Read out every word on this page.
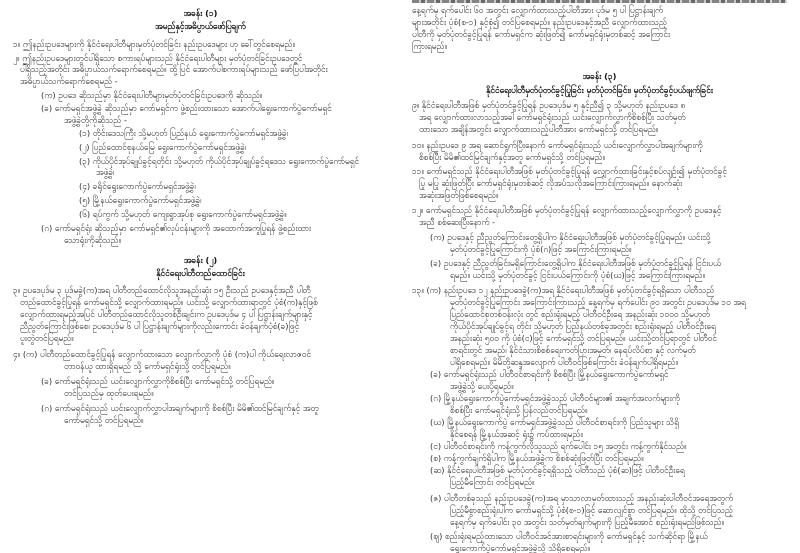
အခန်း (၁)
အမည်နှင့်အဓိပ္ပာယ်ဖော်ပြချက်
၁။ ဤနည်းဥပဒေများကို နိုင်ငံရေးပါတီများမှတ်ပုံတင်ခြင်း နည်းဥပဒေများ ဟု ခေါ်တွင်စေရမည်။
၂။ ဤနည်းဥပဒေများတွင်ပါရှိသော စကားရပ်များသည် နိုင်ငံရေးပါတီများ မှတ်ပုံတင်ခြင်းဥပဒေတွင်
ပါရှိသည့်အတိုင်း အဓိပ္ပာယ်သက်ရောက်စေရမည်။ ထို့ပြင် အောက်ပါစကားရပ်များသည် ဖော်ပြပါအတိုင်း
အဓိပ္ပာယ်သက်ရောက်စေရမည် -
(က) ဥပဒေ ဆိုသည်မှာ နိုင်ငံရေးပါတီများမှတ်ပုံတင်ခြင်းဥပဒေကို ဆိုသည်။
(ခ) ကော်မရှင်အဖွဲ့ခွဲ ဆိုသည်မှာ ကော်မရှင်က ဖွဲ့စည်းထားသော အောက်ပါရွေးကောက်ပွဲကော်မရှင်
အဖွဲ့ခွဲတို့ကိုဆိုသည် -
(၁) တိုင်းဒေသကြီး သို့မဟုတ် ပြည်နယ် ရွေးကောက်ပွဲကော်မရှင်အဖွဲ့ခွဲ၊
(၂) ပြည်ထောင်စုနယ်မြေ ရွေးကောက်ပွဲကော်မရှင်အဖွဲ့ခွဲ၊
(၃) ကိုယ်ပိုင်အုပ်ချုပ်ခွင့်ရတိုင်း သို့မဟုတ် ကိုယ်ပိုင်အုပ်ချုပ်ခွင့်ရဒေသ ရွေးကောက်ပွဲကော်မရှင်
အဖွဲ့ခွဲ၊
(၄) ခရိုင်ရွေးကောက်ပွဲကော်မရှင်အဖွဲ့ခွဲ၊
(၅) မြို့နယ်ရွေးကောက်ပွဲကော်မရှင်အဖွဲ့ခွဲ၊
(၆) ရပ်ကွက် သို့မဟုတ် ကျေးရွာအုပ်စု ရွေးကောက်ပွဲကော်မရှင်အဖွဲ့ခွဲ။
(ဂ) ကော်မရှင်ရုံး ဆိုသည်မှာ ကော်မရှင်၏လုပ်ငန်းများကို အထောက်အကူပြုရန် ဖွဲ့စည်းထား
သောရုံးကိုဆိုသည်။
အခန်း (၂)
နိုင်ငံရေးပါတီတည်ထောင်ခြင်း
၃။ ဥပဒေပုဒ်မ ၃ ပုဒ်မခွဲ(က)အရ ပါတီတည်ထောင်လိုသူအနည်းဆုံး ၁၅ ဦးသည် ဥပဒေနှင့်အညီ ပါတီ
တည်ထောင်ခွင့်ပြုရန် ကော်မရှင်သို့ လျှောက်ထားရမည်။ ယင်းသို့ လျှောက်ထားရာတွင် ပုံစံ(က)နှင့်ဖြစ်
လျှောက်ထားရမည့်အပြင် ပါတီတည်ထောင်လိုသူတစ်ဦးချင်းက ဥပဒေပုဒ်မ ၄ ပါ ပြဋ္ဌာန်းချက်များနှင့်
ညီညွတ်ကြောင်းဖြစ်စေ၊ ဥပဒေပုဒ်မ ၆ ပါ ပြဋ္ဌာန်းချက်များကိုလည်းကောင်း ခံဝန်ချက်ပုံစံ(ခ)ဖြင့်
ပူးတွဲတင်ပြရမည်။
၄။ (က) ပါတီတည်ထောင်ခွင့်ပြုရန် လျှောက်ထားသော လျှောက်လွှာကို ပုံစံ (က)ပါ ကိုယ်ရေးလာဇဝင်
တာဝန်ယူ ထားရှိရမည် သို့ ကော်မရှင်ရုံးသို့ တင်ပြရမည်။
(ခ) ကော်မရှင်ရုံးသည် ယင်းလျှောက်လွှာကိုစိစစ်ပြီး ကော်မရှင်သို့ တင်ပြရမည်။
တင်ပြသည်မှ ထုတ်ပေးရမည်။
(ဂ) ကော်မရှင်ရုံးသည် ယင်းလျှောက်လွှာပါအချက်များကို စိစစ်ပြီး မိမိ၏ထင်မြင်ချက်နှင့် အတူ
ကော်မရှင်သို့ တင်ပြရမည်။
နေ့ရက်မှ ရက်ပေါင်း ၆၀ အတွင်း လျှောက်ထားသည့်ပါတီအား ပုဒ်မ ၅ ပါ ပြဋ္ဌာန်းချက်
များအတိုင်း ပုံစံ(စ-၁) နှင့်စုံ၍ တင်ပြစေရမည်။ နည်းဥပဒေနှင့်အညီ လျှောက်ထားသည့်
ပါတီကို မှတ်ပုံတင်ခွင့်ပြုရန် ကော်မရှင်က ဆုံးဖြတ်၍ ကော်မရှင်ရုံးမှတစ်ဆင့် အကြောင်း
ကြားရမည်။
အခန်း (၃)
နိုင်ငံရေးပါတီမှတ်ပုံတင်ခွင့်ပြုခြင်း မှတ်ပုံတင်ခြင်း၊ မှတ်ပုံတင်ခွင့်ပယ်ဖျက်ခြင်း
၉။ နိုင်ငံရေးပါတီအဖြစ် မှတ်ပုံတင်ခွင့်ပြုရန် ဥပဒေပုဒ်မ ၅ နှင့်ညီ၍ ၃ သို့မဟုတ် နည်းဥပဒေ ၈
အရ လျှောက်ထားလာသည့်အခါ ကော်မရှင်ရုံးသည် ယင်းလျှောက်လွှာကိုစိစစ်ပြီး သတ်မှတ်
ထားသော အချိန်အတွင်း လျှောက်ထားသည့်ပါတီအား ကော်မရှင်သို့ တင်ပြရမည်။
၁၀။ နည်းဥပဒေ ၉ အရ ဆောင်ရွက်ပြီးနောက် ကော်မရှင်ရုံးသည် ယင်းလျှောက်လွှာပါအချက်များကို
စိစစ်ပြီး မိမိ၏ထင်မြင်ချက်နှင့်အတူ ကော်မရှင်သို့ တင်ပြရမည်။
၁၁။ ကော်မရှင်သည် နိုင်ငံရေးပါတီအဖြစ် မှတ်ပုံတင်ခွင့်ပြုရန် လျှောက်ထားခြင်းနှင့်စပ်လျဉ်း၍ မှတ်ပုံတင်ခွင့်
ပြု မပြု ဆုံးဖြတ်ပြီး ကော်မရှင်ရုံးမှတစ်ဆင့် လိုအပ်သလိုအကြောင်းကြားရမည်။ နောက်ဆုံး
အဆုံးအဖြတ်ဖြစ်စေရမည်။
၁၂။ ကော်မရှင်သည် နိုင်ငံရေးပါတီအဖြစ် မှတ်ပုံတင်ခွင့်ပြုရန် လျှောက်ထားသည့်လျှောက်လွှာကို ဥပဒေနှင့်
အညီ စစ်ဆေးပြီးနောက် -
(က) ဥပဒေနှင့် ညီညွတ်ကြောင်းတွေ့ရှိပါက နိုင်ငံရေးပါတီအဖြစ် မှတ်ပုံတင်ခွင့်ပြုရမည်။ ယင်းသို့
မှတ်ပုံတင်ခွင့်ပြုကြောင်းကို ပုံစံ(ဂ)ဖြင့် အကြောင်းကြားရမည်။
(ခ) ဥပဒေနှင့် ညီညွတ်ခြင်းမရှိကြောင်းတွေ့ရှိပါက နိုင်ငံရေးပါတီအဖြစ် မှတ်ပုံတင်ခွင့်ပြုရန် ငြင်းပယ်
ရမည်။ ယင်းသို့ မှတ်ပုံတင်ခွင့် ငြင်းပယ်ကြောင်းကို ပုံစံ(ဃ)ဖြင့် အကြောင်းကြားရမည်။
၁၃။ (က) နည်းဥပဒေ ၁၂ နည်းဥပဒေခွဲ(က)အရ နိုင်ငံရေးပါတီအဖြစ် မှတ်ပုံတင်ခွင့်ရရှိသော ပါတီသည်
မှတ်ပုံတင်ခွင့်ပြုကြောင်း အကြောင်းကြားသည့် နေ့ရက်မှ ရက်ပေါင်း ၉၀ အတွင်း ဥပဒေပုဒ်မ ၁၀ အရ
ပြည်ထောင်စုတစ်ဝန်းလုံး တွင် စည်းရုံးရမည့် ပါတီဝင်ဦးရေ အနည်းဆုံး ၁၀၀၀ သို့မဟုတ်
ကိုယ်ပိုင်အုပ်ချုပ်ခွင့်ရ တိုင်း သို့မဟုတ် ပြည်နယ်တစ်ခုအတွင်း စည်းရုံးရမည့် ပါတီဝင်ဦးရေ
အနည်းဆုံး ၅၀၀ ကို ပုံစံ(င)ဖြင့် ကော်မရှင်သို့ တင်ပြရမည်။ ယင်းသို့တင်ပြရာတွင် ပါတီဝင်
စာရင်းတွင် အမည်၊ နိုင်ငံသားစိစစ်ရေးကတ်ပြားအမှတ်၊ နေရပ်လိပ်စာ နှင့် လက်မှတ်
ပါရှိစေရမည်။ မိမိတို့ဆန္ဒအလျောက် ပါတီဝင်ဖြစ်ကြောင်း ခံဝန်ချက်ပါရှိရမည်။
(ခ) ကော်မရှင်ရုံးသည် ပါတီဝင်စာရင်းကို စိစစ်ပြီး မြို့နယ်ရွေးကောက်ပွဲကော်မရှင်
အဖွဲ့ခွဲသို့ ပေးပို့ရမည်။
(ဂ) မြို့နယ်ရွေးကောက်ပွဲကော်မရှင်အဖွဲ့ခွဲသည် ပါတီဝင်များ၏ အချက်အလက်များကို
စိစစ်ပြီး ကော်မရှင်ရုံးသို့ ပြန်လည်တင်ပြရမည်။
(ဃ) မြို့နယ်ရွေးကောက်ပွဲ ကော်မရှင်အဖွဲ့ခွဲသည် ပါတီဝင်စာရင်းကို ပြည်သူများ သိရှိ
နိုင်စေရန် မြို့နယ်အဆင့် ရုံး၌ ကပ်ထားရမည်။
(င) ပါတီဝင်စာရင်းကို ကန့်ကွက်လိုသူသည် ရက်ပေါင်း ၁၅ အတွင်း ကန့်ကွက်နိုင်သည်။
(စ) ကန့်ကွက်ချက်ရှိပါက မြို့နယ်အဖွဲ့ခွဲက စိစစ်ဆုံးဖြတ်ပြီး တင်ပြရမည်။
(ဆ) နိုင်ငံရေးပါတီအဖြစ် မှတ်ပုံတင်ခွင့်ရရှိသည့် ပါတီသည် ပုံစံ(ဆ)ဖြင့် ပါတီဝင်ဦးရေ
ပြည့်မီကြောင်း တင်ပြရမည်။
(ဇ) ပါတီတစ်ခုသည် နည်းဥပဒေခွဲ(က)အရ မှာသာလာမှတ်ထားသည့် အနည်းဆုံးပါတီဝင်အရေအတွက်
ပြည့်မီစွာစည်းရုံးပါက ကော်မရှင်သို့ ပုံစံ(စ-၁)ဖြင့် ဆောလျင်စွာ တင်ပြရမည်။ ထိုသို့ တင်ပြသည့်
နေ့ရက်မှ ရက်ပေါင်း ၃၀ အတွင်း သတ်မှတ်ချက်များကို ပြည့်မီအောင် စည်းရုံးရမည်ဖြစ်သည်။
(ဈ) စည်းရုံးရမည့်ထားသော ပါတီဝင်အင်အားစာရင်းများကို ကော်မရှင်နှင့် သက်ဆိုင်ရာ မြို့နယ်
ရွေးကောက်ပွဲကော်မရှင်အဖွဲ့ခွဲသို့ သိရှိစေရမည်။
